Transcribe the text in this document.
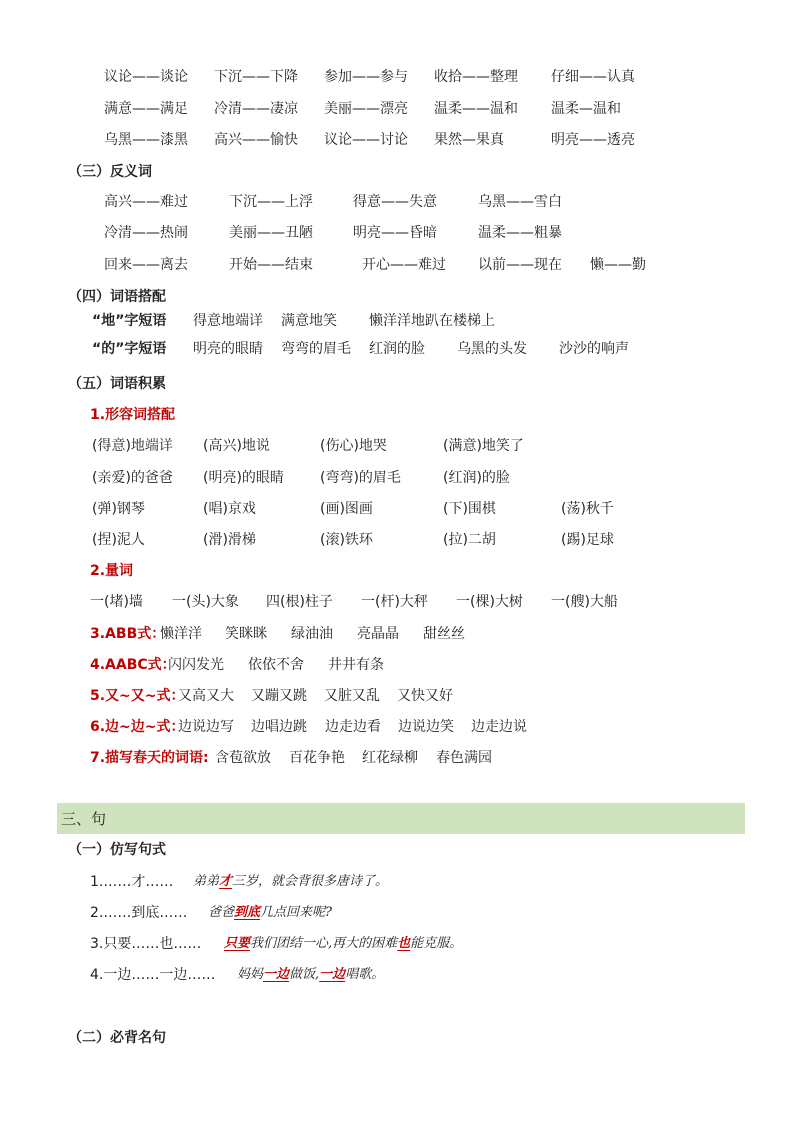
议论——谈论 下沉——下降 参加——参与 收拾——整理 仔细——认真
满意——满足 冷清——凄凉 美丽——漂亮 温柔——温和 温柔—温和
乌黑——漆黑 高兴——愉快 议论——讨论 果然—果真	明亮——透亮
（三）反义词
高兴——难过	下沉——上浮	得意——失意	乌黑——雪白
冷清——热闹	美丽——丑陋	明亮——昏暗	温柔——粗暴
回来——离去	开始——结束	开心——难过 以前——现在 懒——勤
（四）词语搭配
“地”字短语 得意地端详 满意地笑 懒洋洋地趴在楼梯上
“的”字短语 明亮的眼睛 弯弯的眉毛 红润的脸 乌黑的头发 沙沙的响声
（五）词语积累
1.形容词搭配
(得意)地端详 (高兴)地说	(伤心)地哭	(满意)地笑了
(亲爱)的爸爸 (明亮)的眼睛	(弯弯)的眉毛	(红润)的脸
(弹)钢琴	(唱)京戏	(画)图画	(下)围棋	(荡)秋千
(捏)泥人	(滑)滑梯	(滚)铁环	(拉)二胡	(踢)足球
2.量词
一(堵)墙 一(头)大象 四(根)柱子 一(杆)大秤 一(棵)大树 一(艘)大船
3.ABB式：
懒洋洋 笑眯眯 绿油油 亮晶晶 甜丝丝
4.AABC式：
闪闪发光 依依不舍 井井有条
5.又~又~式：
又高又大 又蹦又跳 又脏又乱 又快又好
6.边~边~式：
边说边写 边唱边跳 边走边看 边说边笑 边走边说
7.描写春天的词语: 含苞欲放 百花争艳 红花绿柳 春色满园
三、句
（一）仿写句式
1.……才…… 弟弟才三岁，就会背很多唐诗了。
2.……到底…… 爸爸到底几点回来呢?
3.只要……也…… 只要我们团结一心,再大的困难也能克服。
4.一边……一边…… 妈妈一边做饭,一边唱歌。
（二）必背名句
